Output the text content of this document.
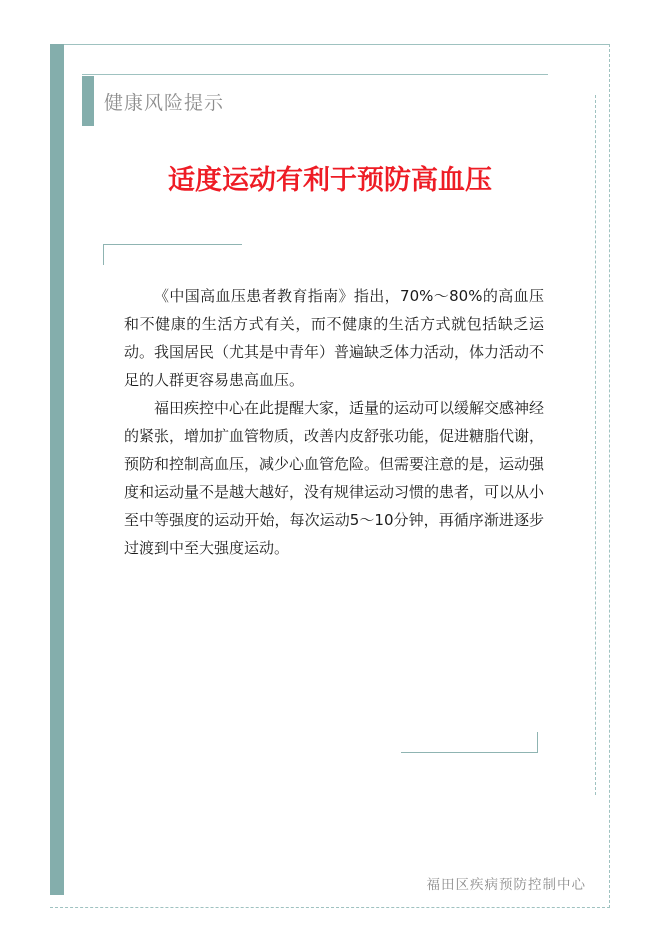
健康风险提示
适度运动有利于预防高血压

《中国高血压患者教育指南》指出，70%～80%的高血压和不健康的生活方式有关，而不健康的生活方式就包括缺乏运动。我国居民（尤其是中青年）普遍缺乏体力活动，体力活动不足的人群更容易患高血压。

福田疾控中心在此提醒大家，适量的运动可以缓解交感神经的紧张，增加扩血管物质，改善内皮舒张功能，促进糖脂代谢，预防和控制高血压，减少心血管危险。但需要注意的是，运动强度和运动量不是越大越好，没有规律运动习惯的患者，可以从小至中等强度的运动开始，每次运动5～10分钟，再循序渐进逐步过渡到中至大强度运动。

福田区疾病预防控制中心
